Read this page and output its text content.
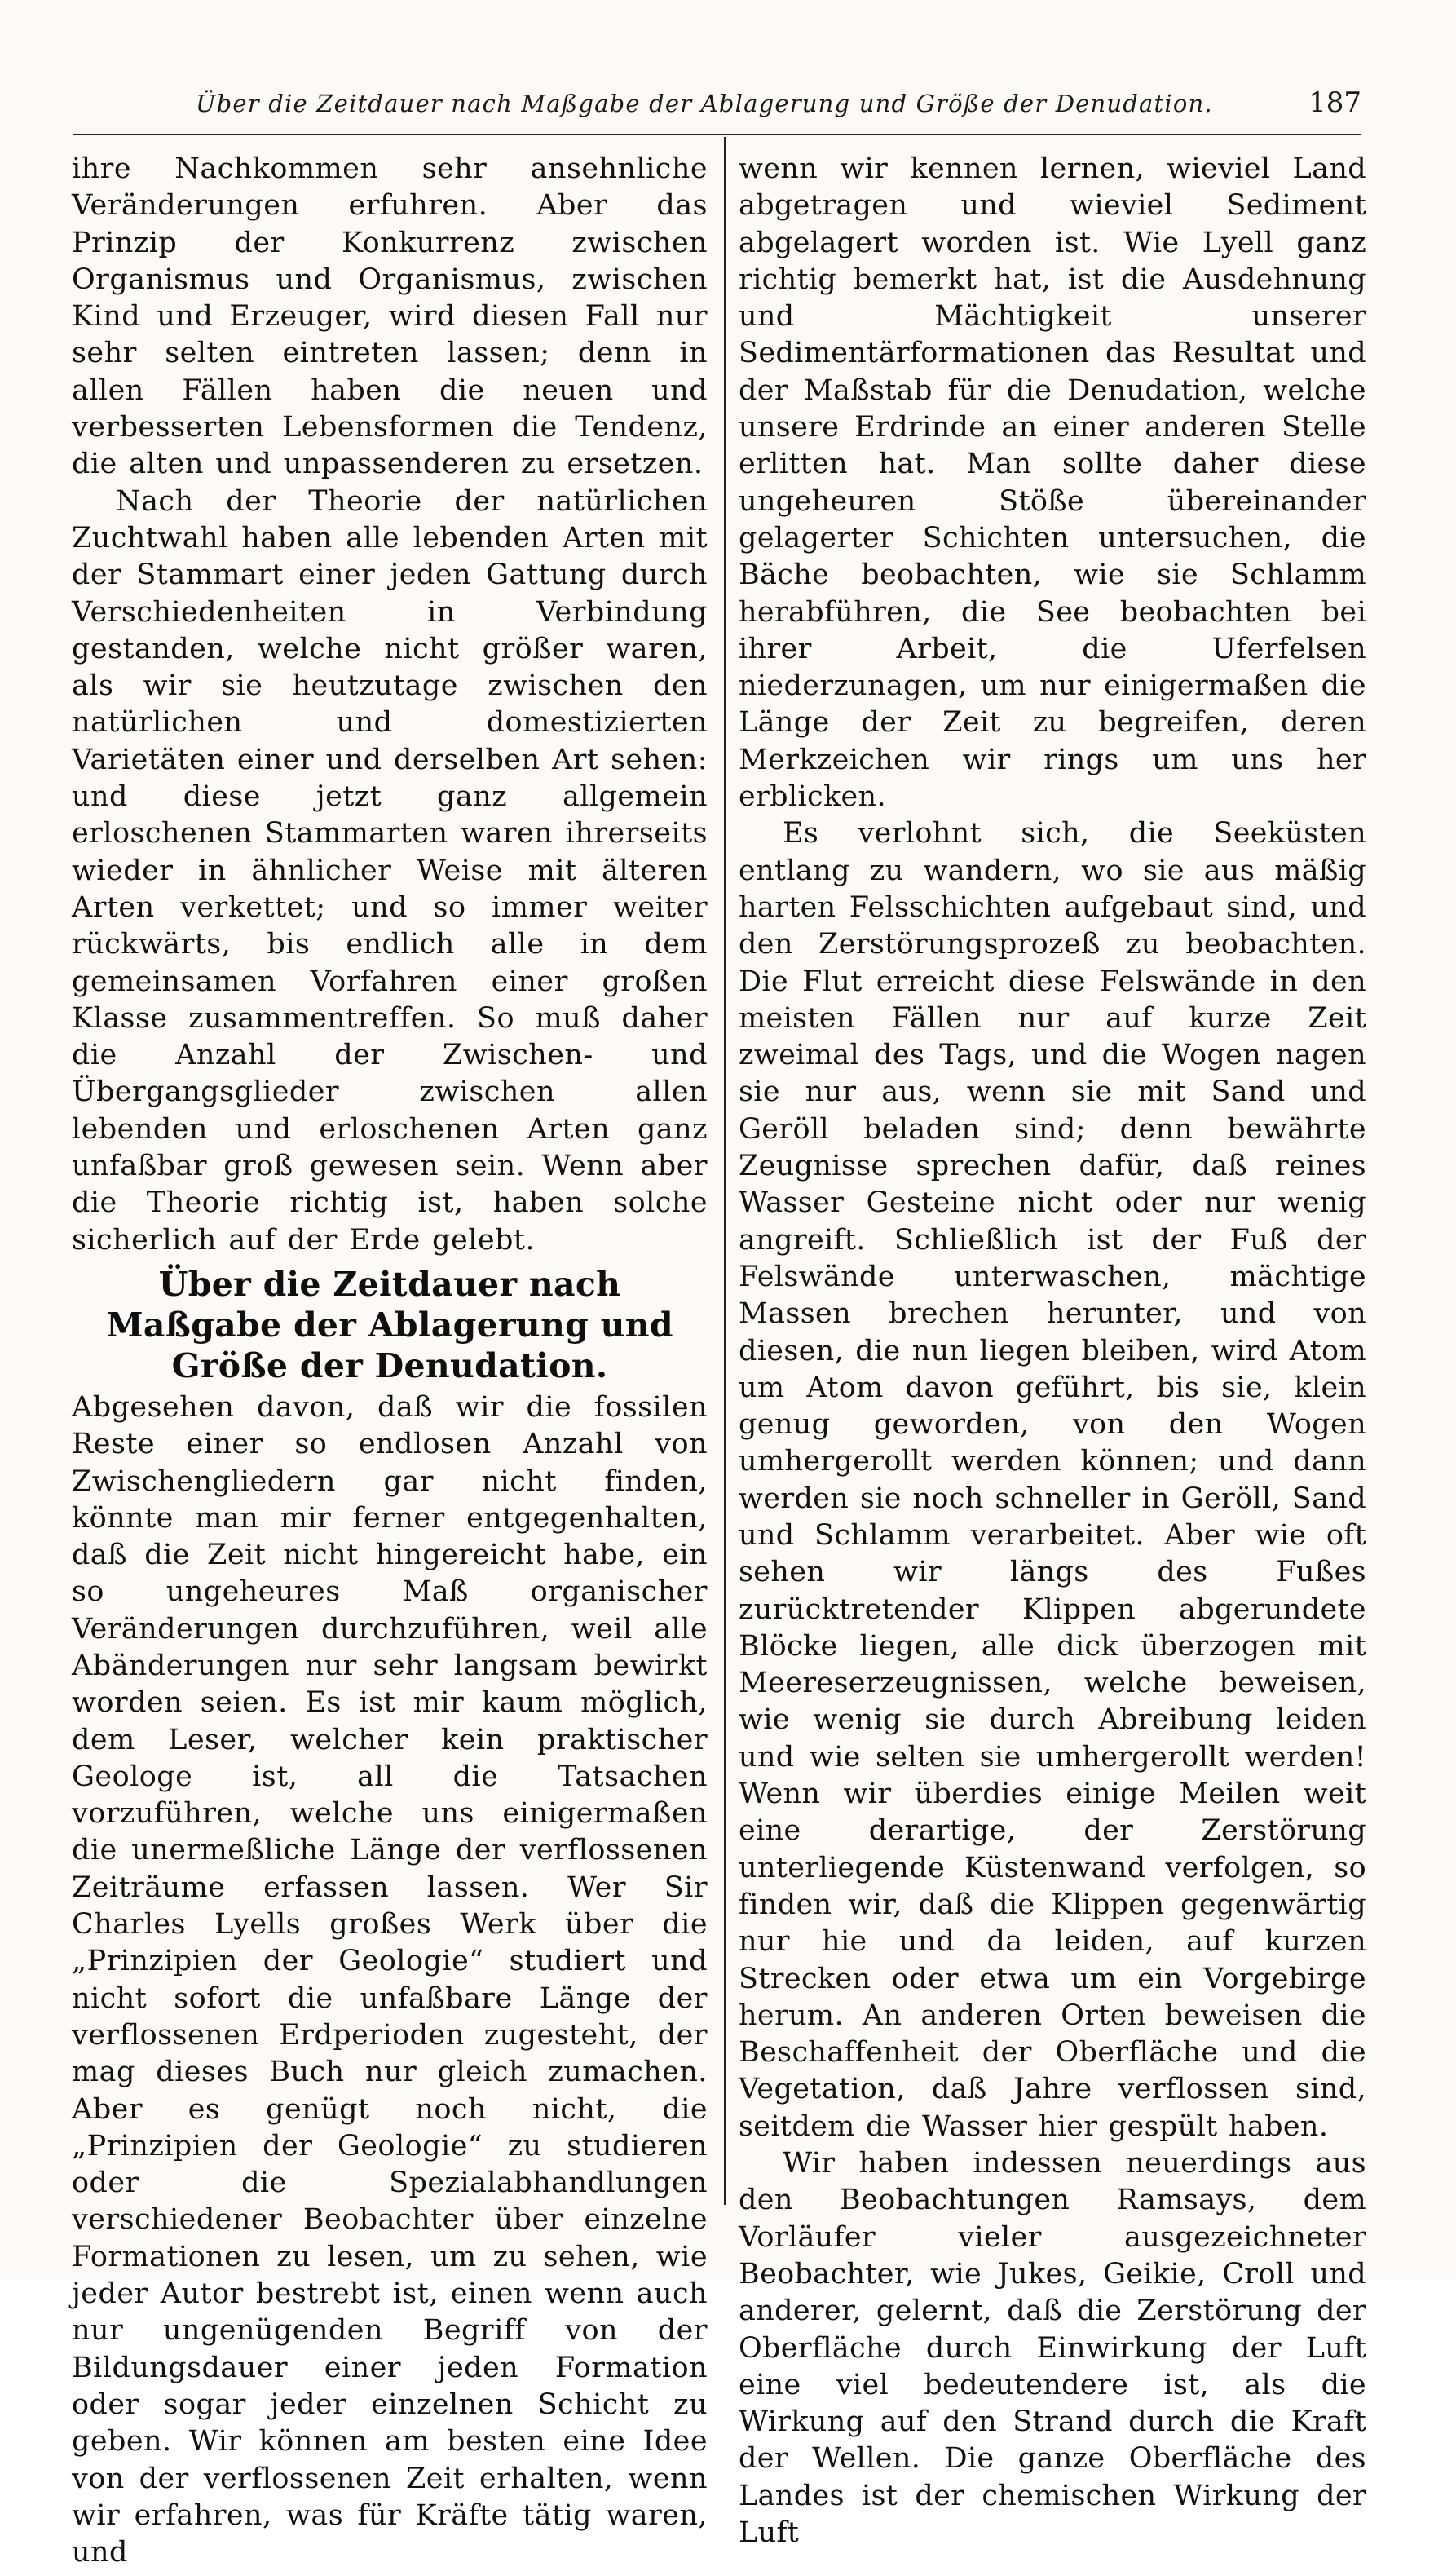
Über die Zeitdauer nach Maßgabe der Ablagerung und Größe der Denudation.	187

ihre Nachkommen sehr ansehnliche Veränderungen erfuhren. Aber das Prinzip der Konkurrenz zwischen Organismus und Organismus, zwischen Kind und Erzeuger, wird diesen Fall nur sehr selten eintreten lassen; denn in allen Fällen haben die neuen und verbesserten Lebensformen die Tendenz, die alten und unpassenderen zu ersetzen.

Nach der Theorie der natürlichen Zuchtwahl haben alle lebenden Arten mit der Stammart einer jeden Gattung durch Verschiedenheiten in Verbindung gestanden, welche nicht größer waren, als wir sie heutzutage zwischen den natürlichen und domestizierten Varietäten einer und derselben Art sehen: und diese jetzt ganz allgemein erloschenen Stammarten waren ihrerseits wieder in ähnlicher Weise mit älteren Arten verkettet; und so immer weiter rückwärts, bis endlich alle in dem gemeinsamen Vorfahren einer großen Klasse zusammentreffen. So muß daher die Anzahl der Zwischen- und Übergangsglieder zwischen allen lebenden und erloschenen Arten ganz unfaßbar groß gewesen sein. Wenn aber die Theorie richtig ist, haben solche sicherlich auf der Erde gelebt.

Über die Zeitdauer nach Maßgabe der Ablagerung und Größe der Denudation.

Abgesehen davon, daß wir die fossilen Reste einer so endlosen Anzahl von Zwischengliedern gar nicht finden, könnte man mir ferner entgegenhalten, daß die Zeit nicht hingereicht habe, ein so ungeheures Maß organischer Veränderungen durchzuführen, weil alle Abänderungen nur sehr langsam bewirkt worden seien. Es ist mir kaum möglich, dem Leser, welcher kein praktischer Geologe ist, all die Tatsachen vorzuführen, welche uns einigermaßen die unermeßliche Länge der verflossenen Zeiträume erfassen lassen. Wer Sir Charles Lyells großes Werk über die „Prinzipien der Geologie“ studiert und nicht sofort die unfaßbare Länge der verflossenen Erdperioden zugesteht, der mag dieses Buch nur gleich zumachen. Aber es genügt noch nicht, die „Prinzipien der Geologie“ zu studieren oder die Spezialabhandlungen verschiedener Beobachter über einzelne Formationen zu lesen, um zu sehen, wie jeder Autor bestrebt ist, einen wenn auch nur ungenügenden Begriff von der Bildungsdauer einer jeden Formation oder sogar jeder einzelnen Schicht zu geben. Wir können am besten eine Idee von der verflossenen Zeit erhalten, wenn wir erfahren, was für Kräfte tätig waren, und

wenn wir kennen lernen, wieviel Land abgetragen und wieviel Sediment abgelagert worden ist. Wie Lyell ganz richtig bemerkt hat, ist die Ausdehnung und Mächtigkeit unserer Sedimentärformationen das Resultat und der Maßstab für die Denudation, welche unsere Erdrinde an einer anderen Stelle erlitten hat. Man sollte daher diese ungeheuren Stöße übereinander gelagerter Schichten untersuchen, die Bäche beobachten, wie sie Schlamm herabführen, die See beobachten bei ihrer Arbeit, die Uferfelsen niederzunagen, um nur einigermaßen die Länge der Zeit zu begreifen, deren Merkzeichen wir rings um uns her erblicken.

Es verlohnt sich, die Seeküsten entlang zu wandern, wo sie aus mäßig harten Felsschichten aufgebaut sind, und den Zerstörungsprozeß zu beobachten. Die Flut erreicht diese Felswände in den meisten Fällen nur auf kurze Zeit zweimal des Tags, und die Wogen nagen sie nur aus, wenn sie mit Sand und Geröll beladen sind; denn bewährte Zeugnisse sprechen dafür, daß reines Wasser Gesteine nicht oder nur wenig angreift. Schließlich ist der Fuß der Felswände unterwaschen, mächtige Massen brechen herunter, und von diesen, die nun liegen bleiben, wird Atom um Atom davon geführt, bis sie, klein genug geworden, von den Wogen umhergerollt werden können; und dann werden sie noch schneller in Geröll, Sand und Schlamm verarbeitet. Aber wie oft sehen wir längs des Fußes zurücktretender Klippen abgerundete Blöcke liegen, alle dick überzogen mit Meereserzeugnissen, welche beweisen, wie wenig sie durch Abreibung leiden und wie selten sie umhergerollt werden! Wenn wir überdies einige Meilen weit eine derartige, der Zerstörung unterliegende Küstenwand verfolgen, so finden wir, daß die Klippen gegenwärtig nur hie und da leiden, auf kurzen Strecken oder etwa um ein Vorgebirge herum. An anderen Orten beweisen die Beschaffenheit der Oberfläche und die Vegetation, daß Jahre verflossen sind, seitdem die Wasser hier gespült haben.

Wir haben indessen neuerdings aus den Beobachtungen Ramsays, dem Vorläufer vieler ausgezeichneter Beobachter, wie Jukes, Geikie, Croll und anderer, gelernt, daß die Zerstörung der Oberfläche durch Einwirkung der Luft eine viel bedeutendere ist, als die Wirkung auf den Strand durch die Kraft der Wellen. Die ganze Oberfläche des Landes ist der chemischen Wirkung der Luft
